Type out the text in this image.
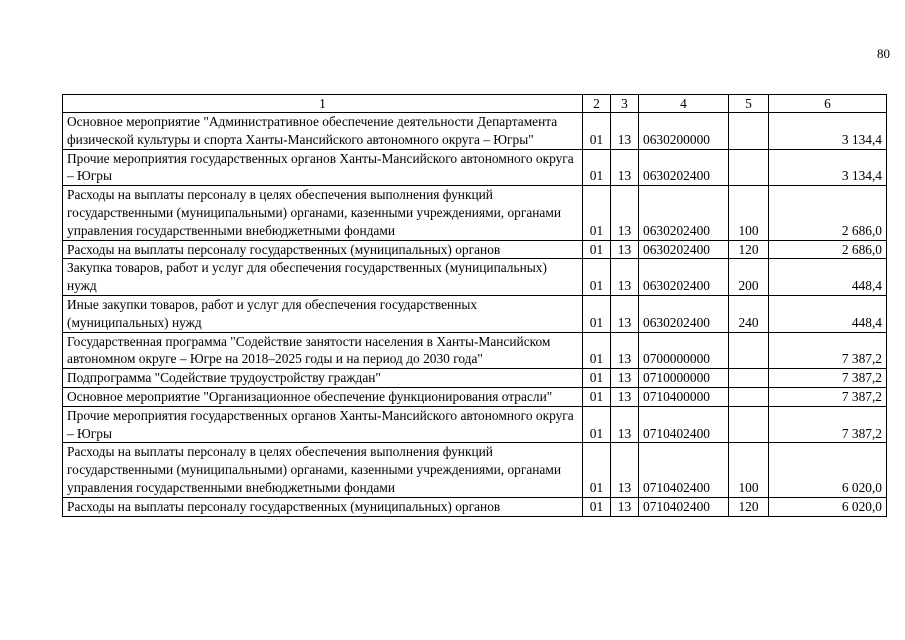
80
1	2	3	4	5	6
Основное мероприятие "Административное обеспечение деятельности Департамента физической культуры и спорта Ханты-Мансийского автономного округа – Югры"	01	13	0630200000		3 134,4
Прочие мероприятия государственных органов Ханты-Мансийского автономного округа – Югры	01	13	0630202400		3 134,4
Расходы на выплаты персоналу в целях обеспечения выполнения функций государственными (муниципальными) органами, казенными учреждениями, органами управления государственными внебюджетными фондами	01	13	0630202400	100	2 686,0
Расходы на выплаты персоналу государственных (муниципальных) органов	01	13	0630202400	120	2 686,0
Закупка товаров, работ и услуг для обеспечения государственных (муниципальных) нужд	01	13	0630202400	200	448,4
Иные закупки товаров, работ и услуг для обеспечения государственных (муниципальных) нужд	01	13	0630202400	240	448,4
Государственная программа "Содействие занятости населения в Ханты-Мансийском автономном округе – Югре на 2018–2025 годы и на период до 2030 года"	01	13	0700000000		7 387,2
Подпрограмма "Содействие трудоустройству граждан"	01	13	0710000000		7 387,2
Основное мероприятие "Организационное обеспечение функционирования отрасли"	01	13	0710400000		7 387,2
Прочие мероприятия государственных органов Ханты-Мансийского автономного округа – Югры	01	13	0710402400		7 387,2
Расходы на выплаты персоналу в целях обеспечения выполнения функций государственными (муниципальными) органами, казенными учреждениями, органами управления государственными внебюджетными фондами	01	13	0710402400	100	6 020,0
Расходы на выплаты персоналу государственных (муниципальных) органов	01	13	0710402400	120	6 020,0
